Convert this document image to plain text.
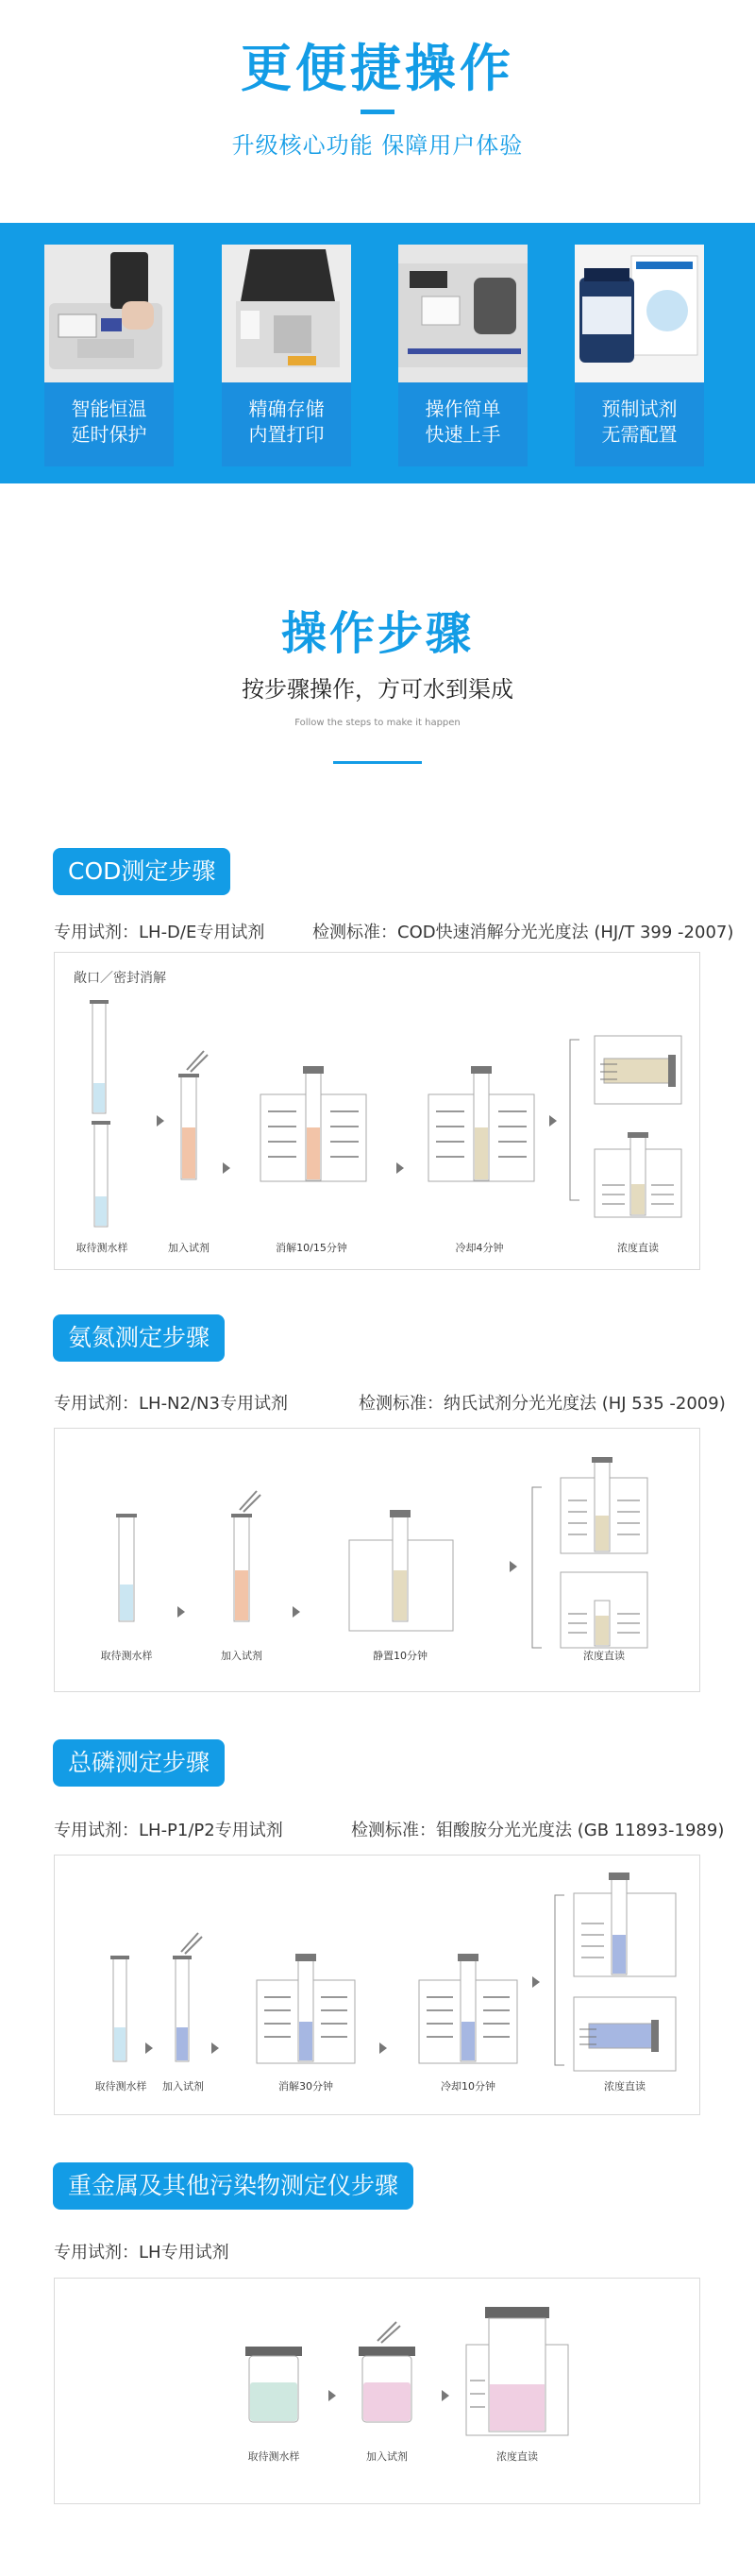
更便捷操作
升级核心功能 保障用户体验
智能恒温
延时保护
精确存储
内置打印
操作简单
快速上手
预制试剂
无需配置
操作步骤
按步骤操作，方可水到渠成
Follow the steps to make it happen
COD测定步骤
专用试剂：LH-D/E专用试剂	检测标准：COD快速消解分光光度法 (HJ/T 399 -2007)
敞口／密封消解
取待测水样	加入试剂	消解10/15分钟	冷却4分钟	浓度直读
氨氮测定步骤
专用试剂：LH-N2/N3专用试剂	检测标准：纳氏试剂分光光度法 (HJ 535 -2009)
取待测水样	加入试剂	静置10分钟	浓度直读
总磷测定步骤
专用试剂：LH-P1/P2专用试剂	检测标准：钼酸胺分光光度法 (GB 11893-1989)
取待测水样 加入试剂	消解30分钟	冷却10分钟	浓度直读
重金属及其他污染物测定仪步骤
专用试剂：LH专用试剂
取待测水样	加入试剂	浓度直读
